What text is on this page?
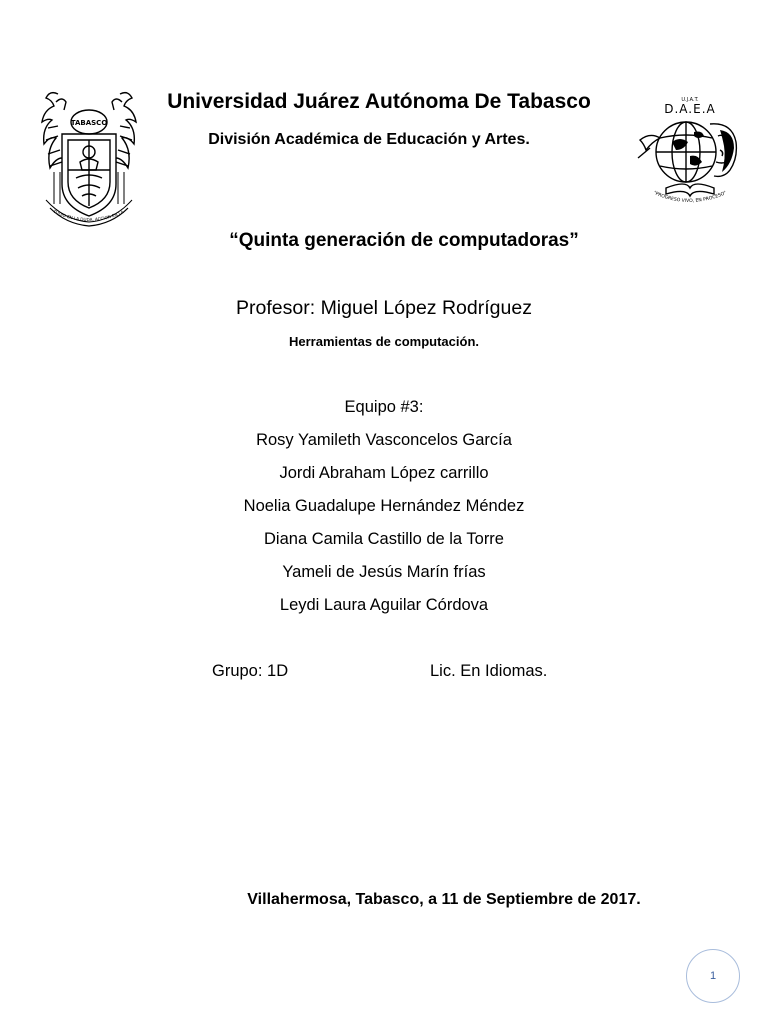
TABASCO
TUDIO EN LA DUDA. ACCION EN LA
Universidad Juárez Autónoma De Tabasco
División Académica de Educación y Artes.
U.J.A.T.
D.A.E.A
"PROGRESO VIVO, EN PROCESO"
“Quinta generación de computadoras”
Profesor: Miguel López Rodríguez
Herramientas de computación.
Equipo #3:
Rosy Yamileth Vasconcelos García
Jordi Abraham López carrillo
Noelia Guadalupe Hernández Méndez
Diana Camila Castillo de la Torre
Yameli de Jesús Marín frías
Leydi Laura Aguilar Córdova
Grupo: 1D	Lic. En Idiomas.
Villahermosa, Tabasco, a 11 de Septiembre de 2017.
1
